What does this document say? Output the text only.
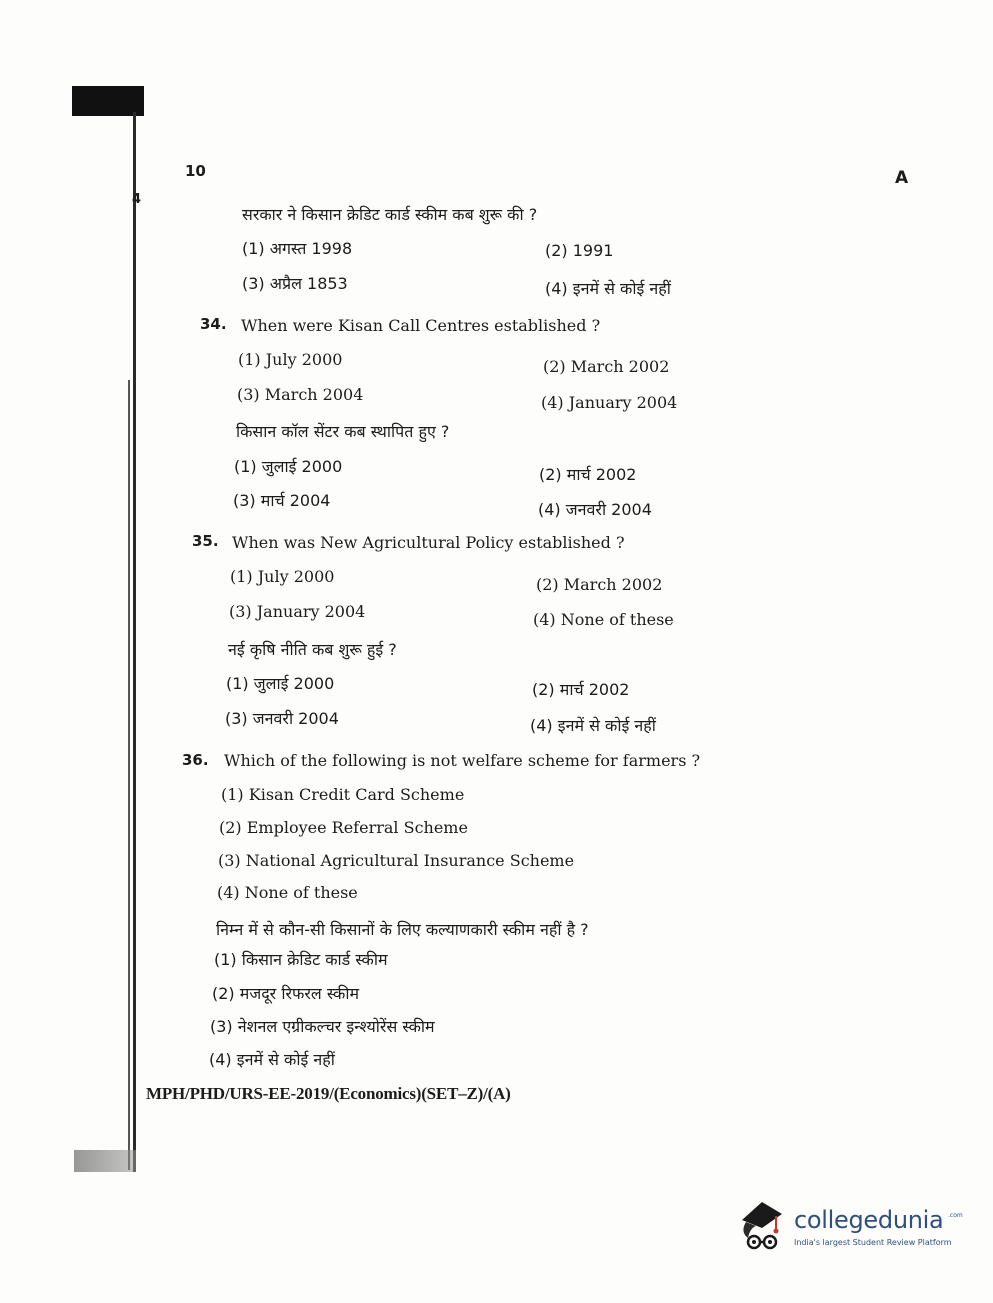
10	A
4
सरकार ने किसान क्रेडिट कार्ड स्कीम कब शुरू की ?
(1) अगस्त 1998	(2) 1991
(3) अप्रैल 1853	(4) इनमें से कोई नहीं
34. When were Kisan Call Centres established ?
(1) July 2000	(2) March 2002
(3) March 2004	(4) January 2004
किसान कॉल सेंटर कब स्थापित हुए ?
(1) जुलाई 2000	(2) मार्च 2002
(3) मार्च 2004	(4) जनवरी 2004
35. When was New Agricultural Policy established ?
(1) July 2000	(2) March 2002
(3) January 2004	(4) None of these
नई कृषि नीति कब शुरू हुई ?
(1) जुलाई 2000	(2) मार्च 2002
(3) जनवरी 2004	(4) इनमें से कोई नहीं
36. Which of the following is not welfare scheme for farmers ?
(1) Kisan Credit Card Scheme
(2) Employee Referral Scheme
(3) National Agricultural Insurance Scheme
(4) None of these
निम्न में से कौन-सी किसानों के लिए कल्याणकारी स्कीम नहीं है ?
(1) किसान क्रेडिट कार्ड स्कीम
(2) मजदूर रिफरल स्कीम
(3) नेशनल एग्रीकल्चर इन्श्योरेंस स्कीम
(4) इनमें से कोई नहीं
MPH/PHD/URS-EE-2019/(Economics)(SET–Z)/(A)
collegedunia .com
India's largest Student Review Platform
